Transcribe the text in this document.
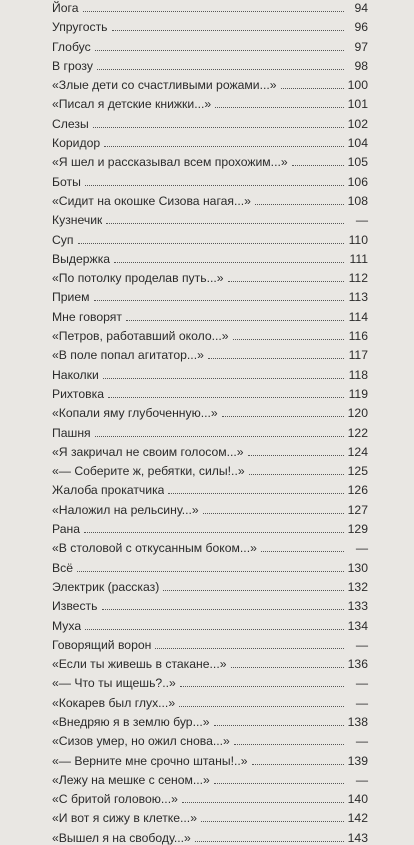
Йога	94
Упругость	96
Глобус	97
В грозу	98
«Злые дети со счастливыми рожами...»	100
«Писал я детские книжки...»	101
Слезы	102
Коридор	104
«Я шел и рассказывал всем прохожим...»	105
Боты	106
«Сидит на окошке Сизова нагая...»	108
Кузнечик	—
Суп	110
Выдержка	111
«По потолку проделав путь...»	112
Прием	113
Мне говорят	114
«Петров, работавший около...»	116
«В поле попал агитатор...»	117
Наколки	118
Рихтовка	119
«Копали яму глубоченную...»	120
Пашня	122
«Я закричал не своим голосом...»	124
«— Соберите ж, ребятки, силы!..»	125
Жалоба прокатчика	126
«Наложил на рельсину...»	127
Рана	129
«В столовой с откусанным боком...»	—
Всё	130
Электрик (рассказ)	132
Известь	133
Муха	134
Говорящий ворон	—
«Если ты живешь в стакане...»	136
«— Что ты ищешь?..»	—
«Кокарев был глух...»	—
«Внедряю я в землю бур...»	138
«Сизов умер, но ожил снова...»	—
«— Верните мне срочно штаны!..»	139
«Лежу на мешке с сеном...»	—
«С бритой головою...»	140
«И вот я сижу в клетке...»	142
«Вышел я на свободу...»	143
